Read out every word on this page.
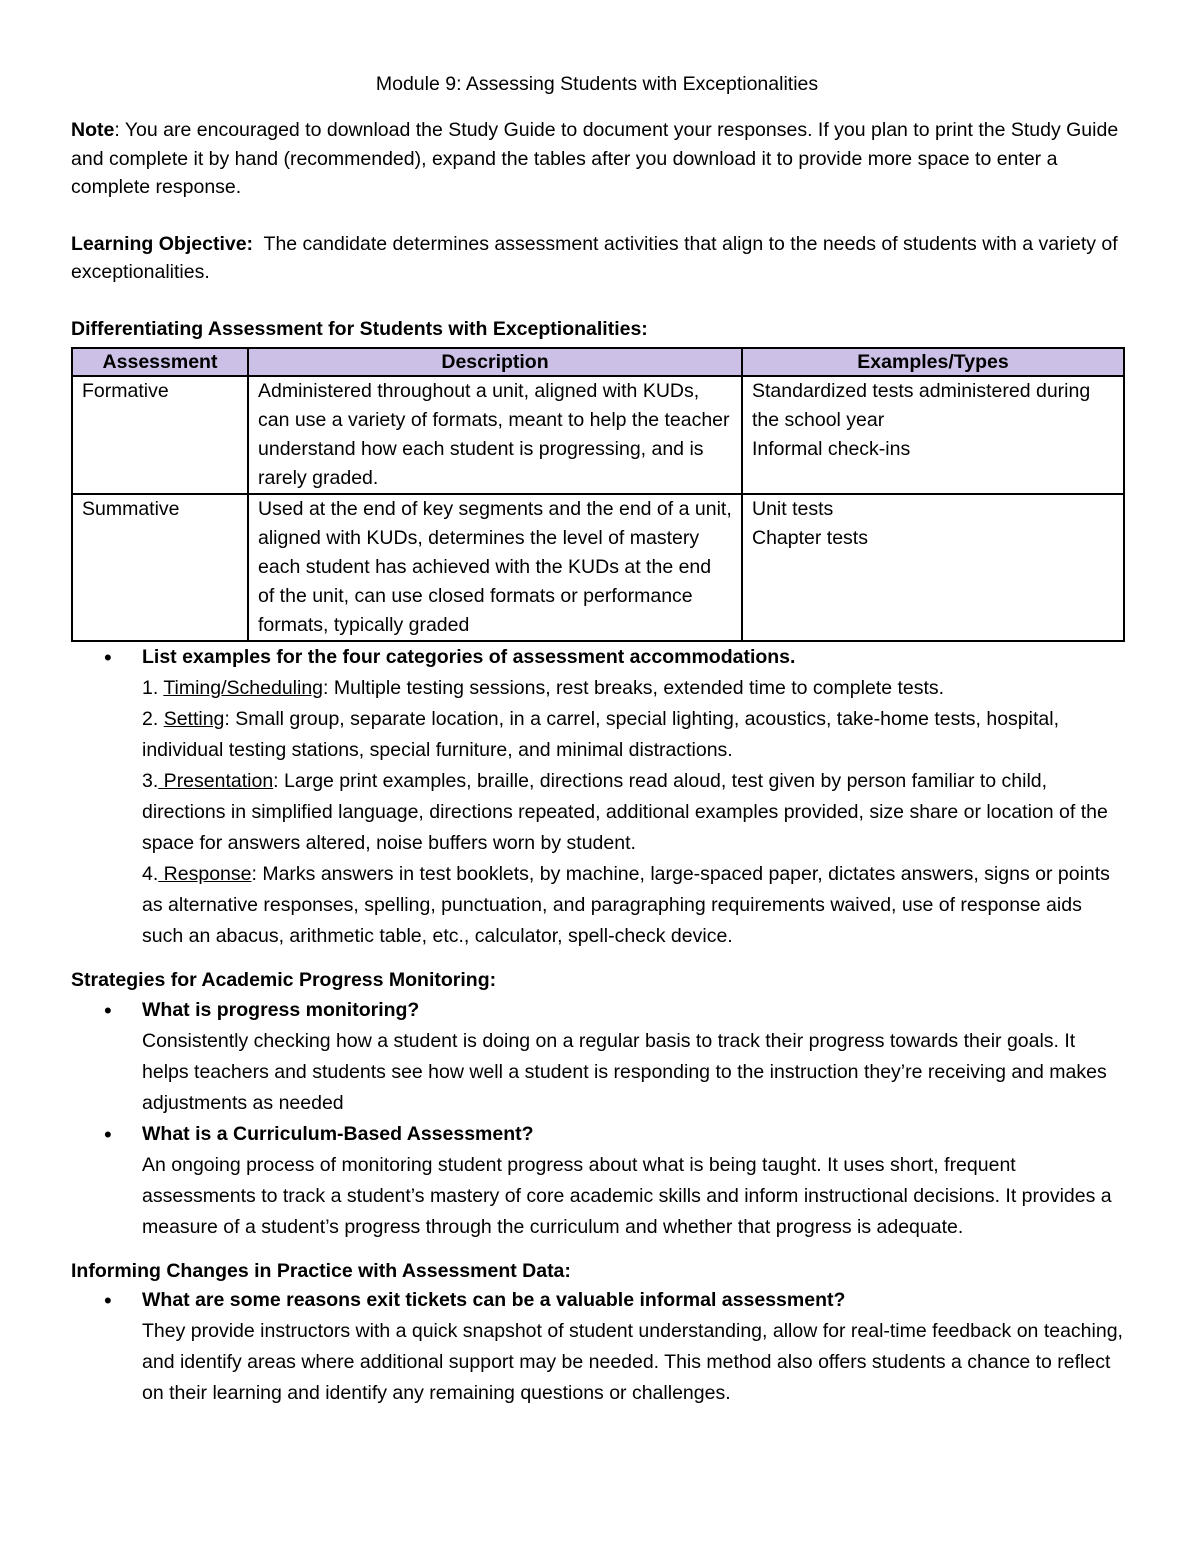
Module 9: Assessing Students with Exceptionalities

Note: You are encouraged to download the Study Guide to document your responses. If you plan to print the Study Guide and complete it by hand (recommended), expand the tables after you download it to provide more space to enter a complete response.

Learning Objective:  The candidate determines assessment activities that align to the needs of students with a variety of exceptionalities.

Differentiating Assessment for Students with Exceptionalities:

Assessment	Description	Examples/Types
Formative	Administered throughout a unit, aligned with KUDs, can use a variety of formats, meant to help the teacher understand how each student is progressing, and is rarely graded.	Standardized tests administered during the school year
Informal check-ins

Summative	Used at the end of key segments and the end of a unit, aligned with KUDs, determines the level of mastery each student has achieved with the KUDs at the end of the unit, can use closed formats or performance formats, typically graded	Unit tests
Chapter tests
• List examples for the four categories of assessment accommodations.

1. Timing/Scheduling: Multiple testing sessions, rest breaks, extended time to complete tests.

2. Setting: Small group, separate location, in a carrel, special lighting, acoustics, take-home tests, hospital, individual testing stations, special furniture, and minimal distractions.

3. Presentation: Large print examples, braille, directions read aloud, test given by person familiar to child, directions in simplified language, directions repeated, additional examples provided, size share or location of the space for answers altered, noise buffers worn by student.

4. Response: Marks answers in test booklets, by machine, large-spaced paper, dictates answers, signs or points as alternative responses, spelling, punctuation, and paragraphing requirements waived, use of response aids such an abacus, arithmetic table, etc., calculator, spell-check device.

Strategies for Academic Progress Monitoring:

• What is progress monitoring?
Consistently checking how a student is doing on a regular basis to track their progress towards their goals. It helps teachers and students see how well a student is responding to the instruction they’re receiving and makes adjustments as needed
• What is a Curriculum-Based Assessment?
An ongoing process of monitoring student progress about what is being taught. It uses short, frequent assessments to track a student’s mastery of core academic skills and inform instructional decisions. It provides a measure of a student’s progress through the curriculum and whether that progress is adequate.

Informing Changes in Practice with Assessment Data:

• What are some reasons exit tickets can be a valuable informal assessment?
They provide instructors with a quick snapshot of student understanding, allow for real-time feedback on teaching, and identify areas where additional support may be needed. This method also offers students a chance to reflect on their learning and identify any remaining questions or challenges.
